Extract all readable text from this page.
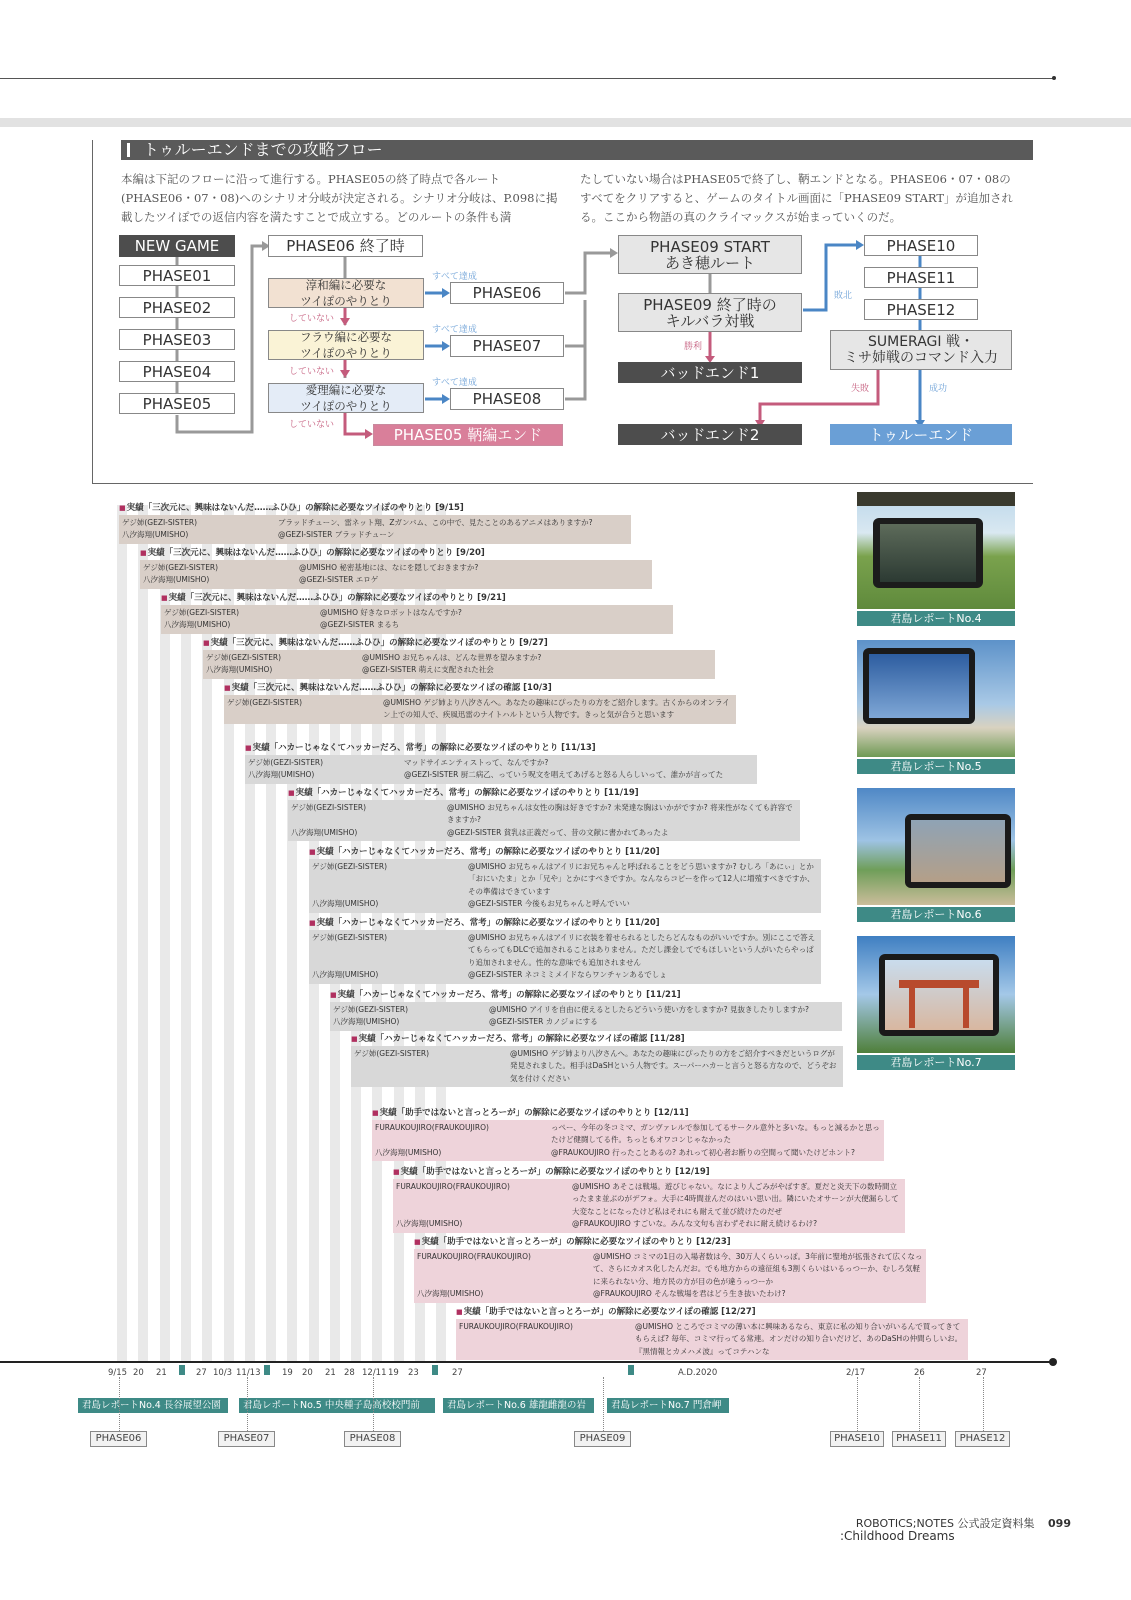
トゥルーエンドまでの攻略フロー
本編は下記のフローに沿って進行する。PHASE05の終了時点で各ルート(PHASE06・07・08)へのシナリオ分岐が決定される。シナリオ分岐は、P.098に掲載したツイぽでの返信内容を満たすことで成立する。どのルートの条件も満
たしていない場合はPHASE05で終了し、鞆エンドとなる。PHASE06・07・08のすべてをクリアすると、ゲームのタイトル画面に「PHASE09 START」が追加される。ここから物語の真のクライマックスが始まっていくのだ。
NEW GAME
PHASE01
PHASE02
PHASE03
PHASE04
PHASE05
PHASE06 終了時
淳和編に必要な
ツイぽのやりとり
フラウ編に必要な
ツイぽのやりとり
愛理編に必要な
ツイぽのやりとり
すべて達成
すべて達成
すべて達成
していない
していない
していない
PHASE06
PHASE07
PHASE08
PHASE05 鞆編エンド
PHASE09 START
あき穂ルート
PHASE09 終了時の
キルバラ対戦
勝利
バッドエンド1
敗北
PHASE10
PHASE11
PHASE12
SUMERAGI 戦・
ミサ姉戦のコマンド入力
失敗	成功
バッドエンド2	トゥルーエンド
■ 実績「三次元に、興味はないんだ……ふひひ」の解除に必要なツイぽのやりとり [9/15]
ゲジ姉(GEZI-SISTER)	ブラッドチューン、雷ネット翔、Zガンバム、この中で、見たことのあるアニメはありますか?
八汐海翔(UMISHO)	@GEZI-SISTER ブラッドチューン
■ 実績「三次元に、興味はないんだ……ふひひ」の解除に必要なツイぽのやりとり [9/20]
ゲジ姉(GEZI-SISTER)	@UMISHO 秘密基地には、なにを隠しておきますか?
八汐海翔(UMISHO)	@GEZI-SISTER エロゲ
■ 実績「三次元に、興味はないんだ……ふひひ」の解除に必要なツイぽのやりとり [9/21]
ゲジ姉(GEZI-SISTER)	@UMISHO 好きなロボットはなんですか?
八汐海翔(UMISHO)	@GEZI-SISTER まるち
■ 実績「三次元に、興味はないんだ……ふひひ」の解除に必要なツイぽのやりとり [9/27]
ゲジ姉(GEZI-SISTER)	@UMISHO お兄ちゃんは、どんな世界を望みますか?
八汐海翔(UMISHO)	@GEZI-SISTER 萌えに支配された社会
■ 実績「三次元に、興味はないんだ……ふひひ」の解除に必要なツイぽの確認 [10/3]
ゲジ姉(GEZI-SISTER)	@UMISHO ゲジ姉より八汐さんへ。あなたの趣味にぴったりの方をご紹介します。古くからのオンライン上での知人で、疾風迅雷のナイトハルトという人物です。きっと気が合うと思います
■ 実績「ハカーじゃなくてハッカーだろ、常考」の解除に必要なツイぽのやりとり [11/13]
ゲジ姉(GEZI-SISTER)	マッドサイエンティストって、なんですか?
八汐海翔(UMISHO)	@GEZI-SISTER 厨二病乙、っていう呪文を唱えてあげると怒る人らしいって、誰かが言ってた
■ 実績「ハカーじゃなくてハッカーだろ、常考」の解除に必要なツイぽのやりとり [11/19]
ゲジ姉(GEZI-SISTER)	@UMISHO お兄ちゃんは女性の胸は好きですか? 未発達な胸はいかがですか? 将来性がなくても許容できますか?
八汐海翔(UMISHO)	@GEZI-SISTER 貧乳は正義だって、昔の文献に書かれてあったよ
■ 実績「ハカーじゃなくてハッカーだろ、常考」の解除に必要なツイぽのやりとり [11/20]
ゲジ姉(GEZI-SISTER)	@UMISHO お兄ちゃんはアイリにお兄ちゃんと呼ばれることをどう思いますか? むしろ「あにぃ」とか「おにいたま」とか「兄や」とかにすべきですか。なんならコピーを作って12人に増殖すべきですか、その準備はできています
八汐海翔(UMISHO)	@GEZI-SISTER 今後もお兄ちゃんと呼んでいい
■ 実績「ハカーじゃなくてハッカーだろ、常考」の解除に必要なツイぽのやりとり [11/20]
ゲジ姉(GEZI-SISTER)	@UMISHO お兄ちゃんはアイリに衣装を着せられるとしたらどんなものがいいですか。別にここで答えてもらってもDLCで追加されることはありません。ただし課金してでもほしいという人がいたらやっぱり追加されません。性的な意味でも追加されません
八汐海翔(UMISHO)	@GEZI-SISTER ネコミミメイドならワンチャンあるでしょ
■ 実績「ハカーじゃなくてハッカーだろ、常考」の解除に必要なツイぽのやりとり [11/21]
ゲジ姉(GEZI-SISTER)	@UMISHO アイリを自由に使えるとしたらどういう使い方をしますか? 見抜きしたりしますか?
八汐海翔(UMISHO)	@GEZI-SISTER カノジョにする
■ 実績「ハカーじゃなくてハッカーだろ、常考」の解除に必要なツイぽの確認 [11/28]
ゲジ姉(GEZI-SISTER)	@UMISHO ゲジ姉より八汐さんへ。あなたの趣味にぴったりの方をご紹介すべきだというログが発見されました。相手はDaSHという人物です。スーパーハカーと言うと怒る方なので、どうぞお気を付けください
■ 実績「助手ではないと言っとろーが」の解除に必要なツイぽのやりとり [12/11]
FURAUKOUJIRO(FRAUKOUJIRO)	っぺー、今年の冬コミマ、ガンヴァレルで参加してるサークル意外と多いな。もっと減るかと思ったけど健闘してる件。ちっともオワコンじゃなかった
八汐海翔(UMISHO)	@FRAUKOUJIRO 行ったことあるの? あれって初心者お断りの空間って聞いたけどホント?
■ 実績「助手ではないと言っとろーが」の解除に必要なツイぽのやりとり [12/19]
FURAUKOUJIRO(FRAUKOUJIRO)	@UMISHO あそこは戦場。遊びじゃない。なにより人ごみがやばすぎ。夏だと炎天下の数時間立ったまま並ぶのがデフォ。大手に4時間並んだのはいい思い出。隣にいたオサーンが大便漏らして大変なことになったけど私はそれにも耐えて並び続けたのだぜ
八汐海翔(UMISHO)	@FRAUKOUJIRO すごいな。みんな文句も言わずそれに耐え続けるわけ?
■ 実績「助手ではないと言っとろーが」の解除に必要なツイぽのやりとり [12/23]
FURAUKOUJIRO(FRAUKOUJIRO)	@UMISHO コミマの1日の入場者数は今、30万人くらいっぽ。3年前に聖地が拡張されて広くなって、さらにカオス化したんだお。でも地方からの遠征組も3割くらいはいるっつーか、むしろ気軽に来られない分、地方民の方が目の色が違うっつーか
八汐海翔(UMISHO)	@FRAUKOUJIRO そんな戦場を君はどう生き抜いたわけ?
■ 実績「助手ではないと言っとろーが」の解除に必要なツイぽの確認 [12/27]
FURAUKOUJIRO(FRAUKOUJIRO)	@UMISHO ところでコミマの薄い本に興味あるなら、東京に私の知り合いがいるんで買ってきてもらえば? 毎年、コミマ行ってる常連。オンだけの知り合いだけど、あのDaSHの仲間らしいお。『黒情報とカメハメ波』ってコテハンな
君島レポートNo.4
君島レポートNo.5
君島レポートNo.6
君島レポートNo.7
9/15 20 21	27 10/3 11/13	19 20 21 28 12/11 19 23	27	A.D.2020	2/17	26	27
君島レポートNo.4 長谷展望公園	君島レポートNo.5 中央種子島高校校門前	君島レポートNo.6 雄龍雌龍の岩	君島レポートNo.7 門倉岬
PHASE06	PHASE07	PHASE08	PHASE09	PHASE10	PHASE11	PHASE12
ROBOTICS;NOTES 公式設定資料集 099
:Childhood Dreams
